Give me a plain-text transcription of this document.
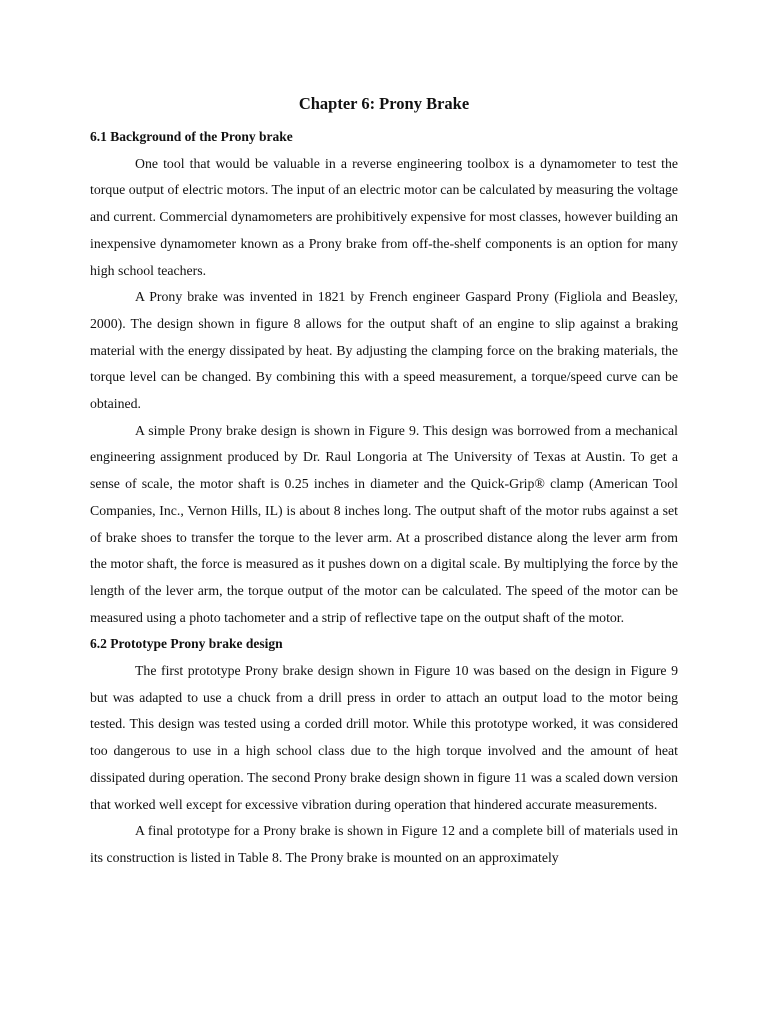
Chapter 6: Prony Brake
6.1 Background of the Prony brake

One tool that would be valuable in a reverse engineering toolbox is a dynamometer to test the torque output of electric motors. The input of an electric motor can be calculated by measuring the voltage and current. Commercial dynamometers are prohibitively expensive for most classes, however building an inexpensive dynamometer known as a Prony brake from off-the-shelf components is an option for many high school teachers.

A Prony brake was invented in 1821 by French engineer Gaspard Prony (Figliola and Beasley, 2000). The design shown in figure 8 allows for the output shaft of an engine to slip against a braking material with the energy dissipated by heat. By adjusting the clamping force on the braking materials, the torque level can be changed. By combining this with a speed measurement, a torque/speed curve can be obtained.

A simple Prony brake design is shown in Figure 9. This design was borrowed from a mechanical engineering assignment produced by Dr. Raul Longoria at The University of Texas at Austin. To get a sense of scale, the motor shaft is 0.25 inches in diameter and the Quick-Grip® clamp (American Tool Companies, Inc., Vernon Hills, IL) is about 8 inches long. The output shaft of the motor rubs against a set of brake shoes to transfer the torque to the lever arm. At a proscribed distance along the lever arm from the motor shaft, the force is measured as it pushes down on a digital scale. By multiplying the force by the length of the lever arm, the torque output of the motor can be calculated. The speed of the motor can be measured using a photo tachometer and a strip of reflective tape on the output shaft of the motor.

6.2 Prototype Prony brake design

The first prototype Prony brake design shown in Figure 10 was based on the design in Figure 9 but was adapted to use a chuck from a drill press in order to attach an output load to the motor being tested. This design was tested using a corded drill motor. While this prototype worked, it was considered too dangerous to use in a high school class due to the high torque involved and the amount of heat dissipated during operation. The second Prony brake design shown in figure 11 was a scaled down version that worked well except for excessive vibration during operation that hindered accurate measurements.

A final prototype for a Prony brake is shown in Figure 12 and a complete bill of materials used in its construction is listed in Table 8. The Prony brake is mounted on an approximately
